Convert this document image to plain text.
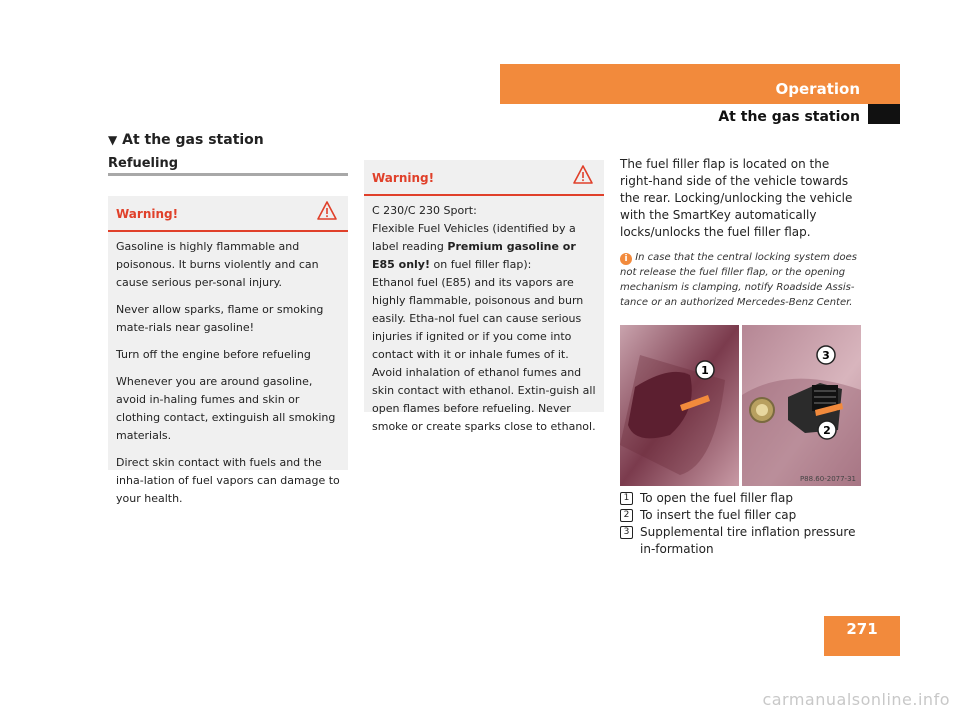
Operation
At the gas station
▼ At the gas station
Refueling
Warning!

Gasoline is highly flammable and poisonous. It burns violently and can cause serious per-sonal injury.

Never allow sparks, flame or smoking mate-rials near gasoline!

Turn off the engine before refueling

Whenever you are around gasoline, avoid in-haling fumes and skin or clothing contact, extinguish all smoking materials.

Direct skin contact with fuels and the inha-lation of fuel vapors can damage to your health.

Warning!

C 230/C 230 Sport:

Flexible Fuel Vehicles (identified by a label reading Premium gasoline or E85 only! on fuel filler flap):

Ethanol fuel (E85) and its vapors are highly flammable, poisonous and burn easily. Etha-nol fuel can cause serious injuries if ignited or if you come into contact with it or inhale fumes of it. Avoid inhalation of ethanol fumes and skin contact with ethanol. Extin-guish all open flames before refueling. Never smoke or create sparks close to ethanol.

The fuel filler flap is located on the right-hand side of the vehicle towards the rear. Locking/unlocking the vehicle with the SmartKey automatically locks/unlocks the fuel filler flap.
i In case that the central locking system does not release the fuel filler flap, or the opening mechanism is clamping, notify Roadside Assis-tance or an authorized Mercedes-Benz Center.
1
3
2
P88.60-2077-31
1 To open the fuel filler flap
2 To insert the fuel filler cap
3 Supplemental tire inflation pressure in-formation
271
carmanualsonline.info
